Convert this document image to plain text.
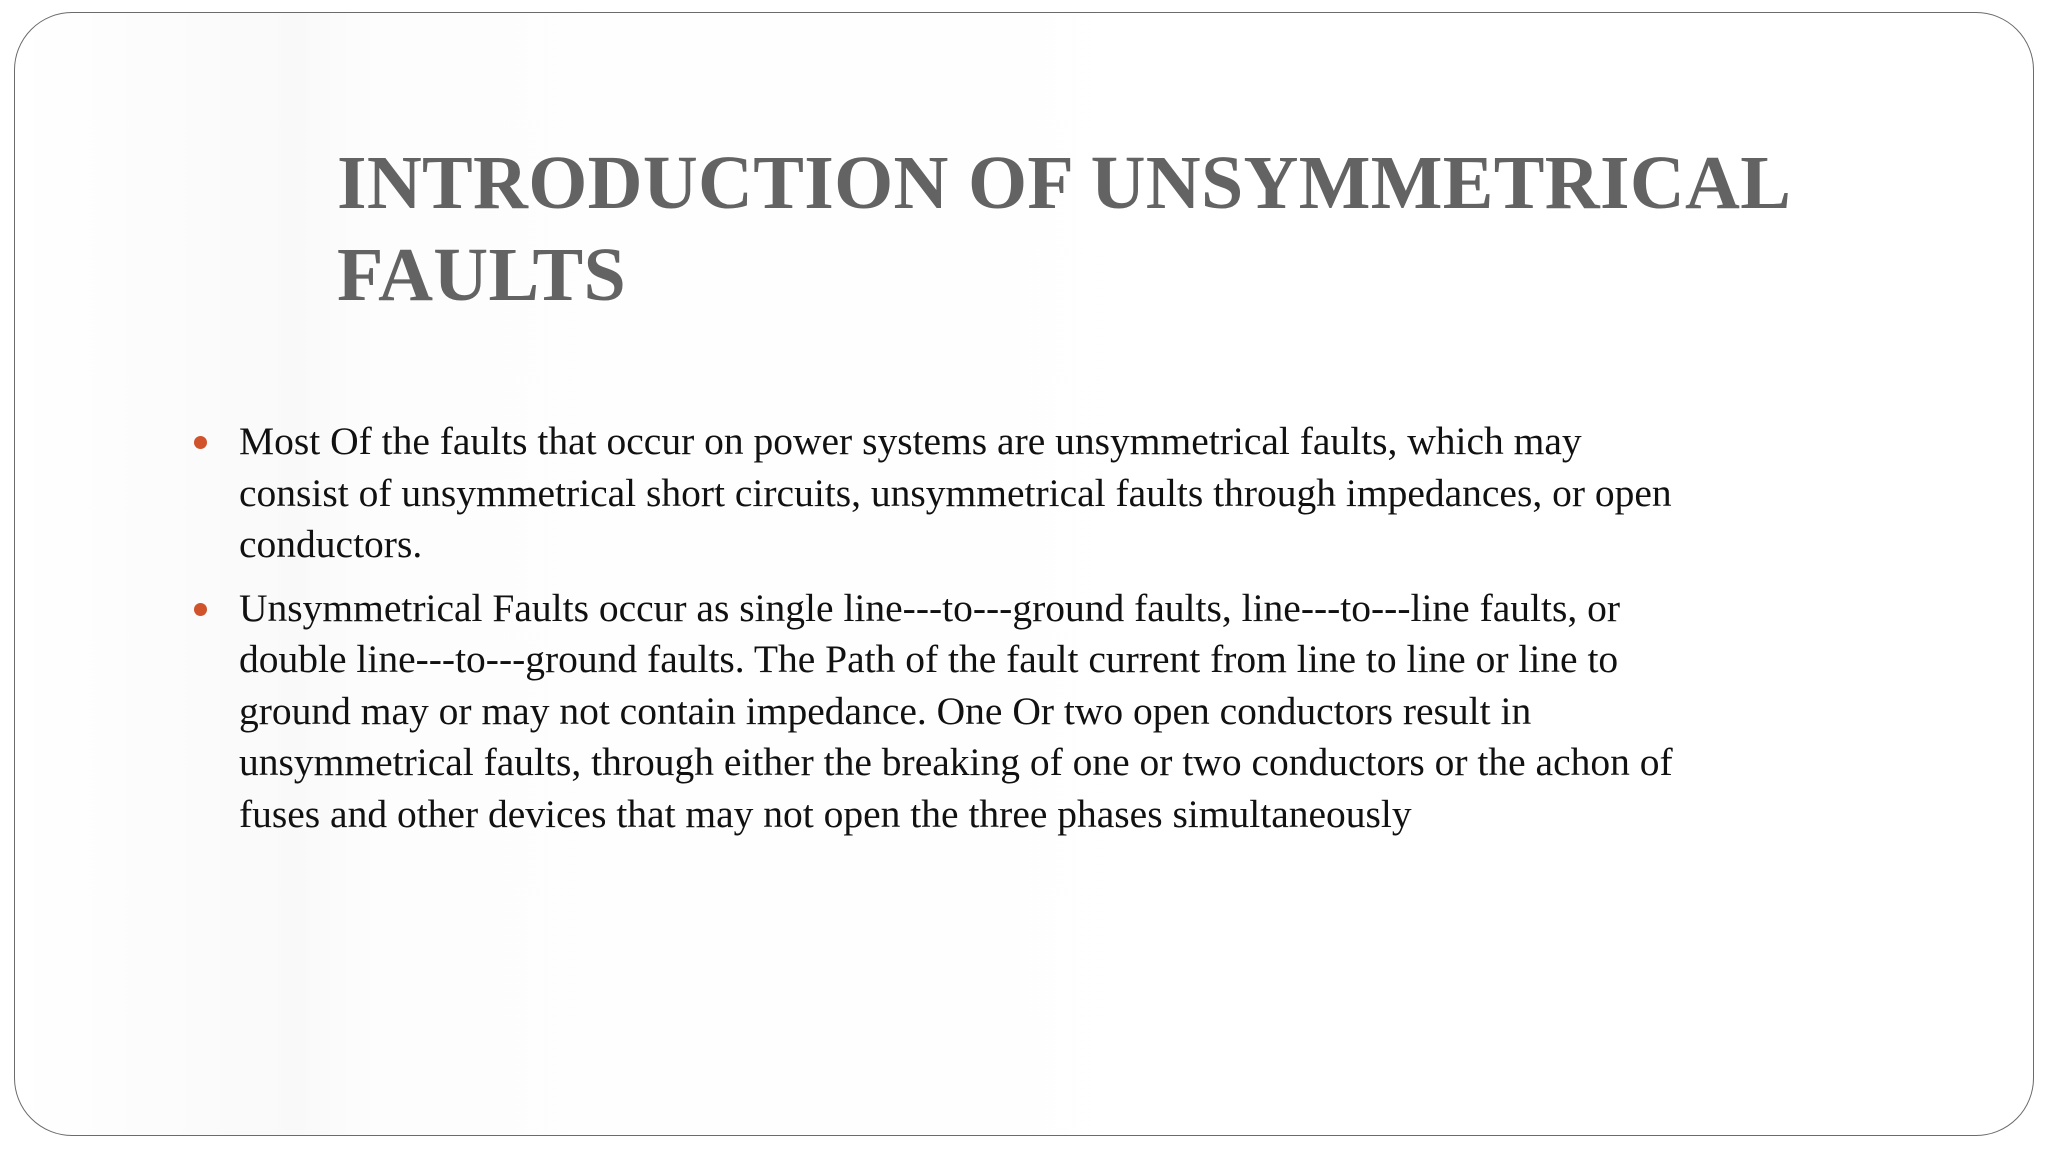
INTRODUCTION OF UNSYMMETRICAL FAULTS
Most Of the faults that occur on power systems are unsymmetrical faults, which may consist of unsymmetrical short circuits, unsymmetrical faults through impedances, or open conductors.
Unsymmetrical Faults occur as single line---to---ground faults, line---to---line faults, or double line---to---ground faults. The Path of the fault current from line to line or line to ground may or may not contain impedance. One Or two open conductors result in unsymmetrical faults, through either the breaking of one or two conductors or the achon of fuses and other devices that may not open the three phases simultaneously
